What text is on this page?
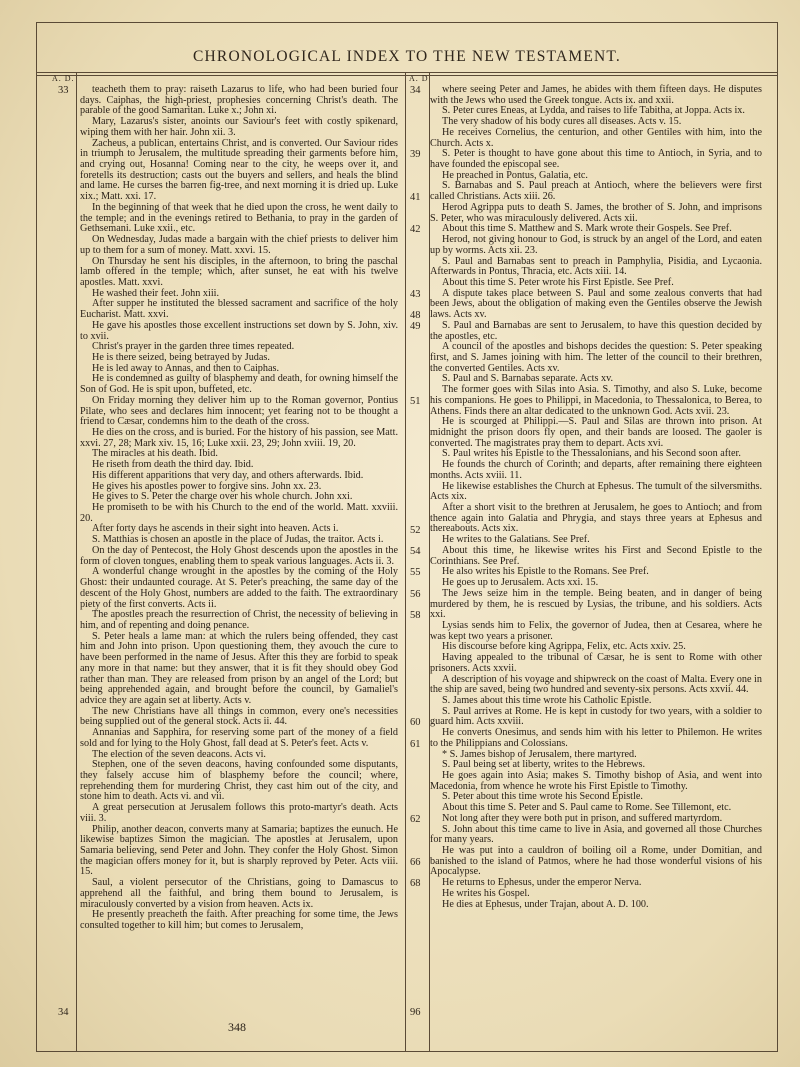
CHRONOLOGICAL INDEX TO THE NEW TESTAMENT.
A. D.	A. D
33
34
34
39
41
42
43
48
49
51
52
54
55
56
58
60
61
62
66
68
96

teacheth them to pray: raiseth Lazarus to life, who had been buried four days. Caiphas, the high-priest, prophesies concerning Christ's death. The parable of the good Samaritan. Luke x.; John xi.

Mary, Lazarus's sister, anoints our Saviour's feet with costly spikenard, wiping them with her hair. John xii. 3.

Zacheus, a publican, entertains Christ, and is converted. Our Saviour rides in triumph to Jerusalem, the multitude spreading their garments before him, and crying out, Hosanna! Coming near to the city, he weeps over it, and foretells its destruction; casts out the buyers and sellers, and heals the blind and lame. He curses the barren fig-tree, and next morning it is dried up. Luke xix.; Matt. xxi. 17.

In the beginning of that week that he died upon the cross, he went daily to the temple; and in the evenings retired to Bethania, to pray in the garden of Gethsemani. Luke xxii., etc.

On Wednesday, Judas made a bargain with the chief priests to deliver him up to them for a sum of money. Matt. xxvi. 15.

On Thursday he sent his disciples, in the afternoon, to bring the paschal lamb offered in the temple; which, after sunset, he eat with his twelve apostles. Matt. xxvi.

He washed their feet. John xiii.

After supper he instituted the blessed sacrament and sacrifice of the holy Eucharist. Matt. xxvi.

He gave his apostles those excellent instructions set down by S. John, xiv. to xvii.

Christ's prayer in the garden three times repeated.

He is there seized, being betrayed by Judas.

He is led away to Annas, and then to Caiphas.

He is condemned as guilty of blasphemy and death, for owning himself the Son of God. He is spit upon, buffeted, etc.

On Friday morning they deliver him up to the Roman governor, Pontius Pilate, who sees and declares him innocent; yet fearing not to be thought a friend to Cæsar, condemns him to the death of the cross.

He dies on the cross, and is buried. For the history of his passion, see Matt. xxvi. 27, 28; Mark xiv. 15, 16; Luke xxii. 23, 29; John xviii. 19, 20.

The miracles at his death. Ibid.

He riseth from death the third day. Ibid.

His different apparitions that very day, and others afterwards. Ibid.

He gives his apostles power to forgive sins. John xx. 23.

He gives to S. Peter the charge over his whole church. John xxi.

He promiseth to be with his Church to the end of the world. Matt. xxviii. 20.

After forty days he ascends in their sight into heaven. Acts i.

S. Matthias is chosen an apostle in the place of Judas, the traitor. Acts i.

On the day of Pentecost, the Holy Ghost descends upon the apostles in the form of cloven tongues, enabling them to speak various languages. Acts ii. 3.

A wonderful change wrought in the apostles by the coming of the Holy Ghost: their undaunted courage. At S. Peter's preaching, the same day of the descent of the Holy Ghost, numbers are added to the faith. The extraordinary piety of the first converts. Acts ii.

The apostles preach the resurrection of Christ, the necessity of believing in him, and of repenting and doing penance.

S. Peter heals a lame man: at which the rulers being offended, they cast him and John into prison. Upon questioning them, they avouch the cure to have been performed in the name of Jesus. After this they are forbid to speak any more in that name: but they answer, that it is fit they should obey God rather than man. They are released from prison by an angel of the Lord; but being apprehended again, and brought before the council, by Gamaliel's advice they are again set at liberty. Acts v.

The new Christians have all things in common, every one's necessities being supplied out of the general stock. Acts ii. 44.

Annanias and Sapphira, for reserving some part of the money of a field sold and for lying to the Holy Ghost, fall dead at S. Peter's feet. Acts v.

The election of the seven deacons. Acts vi.

Stephen, one of the seven deacons, having confounded some disputants, they falsely accuse him of blasphemy before the council; where, reprehending them for murdering Christ, they cast him out of the city, and stone him to death. Acts vi. and vii.

A great persecution at Jerusalem follows this proto-martyr's death. Acts viii. 3.

Philip, another deacon, converts many at Samaria; baptizes the eunuch. He likewise baptizes Simon the magician. The apostles at Jerusalem, upon Samaria believing, send Peter and John. They confer the Holy Ghost. Simon the magician offers money for it, but is sharply reproved by Peter. Acts viii. 15.

Saul, a violent persecutor of the Christians, going to Damascus to apprehend all the faithful, and bring them bound to Jerusalem, is miraculously converted by a vision from heaven. Acts ix.

He presently preacheth the faith. After preaching for some time, the Jews consulted together to kill him; but comes to Jerusalem,

where seeing Peter and James, he abides with them fifteen days. He disputes with the Jews who used the Greek tongue. Acts ix. and xxii.

S. Peter cures Eneas, at Lydda, and raises to life Tabitha, at Joppa. Acts ix.

The very shadow of his body cures all diseases. Acts v. 15.

He receives Cornelius, the centurion, and other Gentiles with him, into the Church. Acts x.

S. Peter is thought to have gone about this time to Antioch, in Syria, and to have founded the episcopal see.

He preached in Pontus, Galatia, etc.

S. Barnabas and S. Paul preach at Antioch, where the believers were first called Christians. Acts xiii. 26.

Herod Agrippa puts to death S. James, the brother of S. John, and imprisons S. Peter, who was miraculously delivered. Acts xii.

About this time S. Matthew and S. Mark wrote their Gospels. See Pref.

Herod, not giving honour to God, is struck by an angel of the Lord, and eaten up by worms. Acts xii. 23.

S. Paul and Barnabas sent to preach in Pamphylia, Pisidia, and Lycaonia. Afterwards in Pontus, Thracia, etc. Acts xiii. 14.

About this time S. Peter wrote his First Epistle. See Pref.

A dispute takes place between S. Paul and some zealous converts that had been Jews, about the obligation of making even the Gentiles observe the Jewish laws. Acts xv.

S. Paul and Barnabas are sent to Jerusalem, to have this question decided by the apostles, etc.

A council of the apostles and bishops decides the question: S. Peter speaking first, and S. James joining with him. The letter of the council to their brethren, the converted Gentiles. Acts xv.

S. Paul and S. Barnabas separate. Acts xv.

The former goes with Silas into Asia. S. Timothy, and also S. Luke, become his companions. He goes to Philippi, in Macedonia, to Thessalonica, to Berea, to Athens. Finds there an altar dedicated to the unknown God. Acts xvii. 23.

He is scourged at Philippi.—S. Paul and Silas are thrown into prison. At midnight the prison doors fly open, and their bands are loosed. The gaoler is converted. The magistrates pray them to depart. Acts xvi.

S. Paul writes his Epistle to the Thessalonians, and his Second soon after.

He founds the church of Corinth; and departs, after remaining there eighteen months. Acts xviii. 11.

He likewise establishes the Church at Ephesus. The tumult of the silversmiths. Acts xix.

After a short visit to the brethren at Jerusalem, he goes to Antioch; and from thence again into Galatia and Phrygia, and stays three years at Ephesus and thereabouts. Acts xix.

He writes to the Galatians. See Pref.

About this time, he likewise writes his First and Second Epistle to the Corinthians. See Pref.

He also writes his Epistle to the Romans. See Pref.

He goes up to Jerusalem. Acts xxi. 15.

The Jews seize him in the temple. Being beaten, and in danger of being murdered by them, he is rescued by Lysias, the tribune, and his soldiers. Acts xxi.

Lysias sends him to Felix, the governor of Judea, then at Cesarea, where he was kept two years a prisoner.

His discourse before king Agrippa, Felix, etc. Acts xxiv. 25.

Having appealed to the tribunal of Cæsar, he is sent to Rome with other prisoners. Acts xxvii.

A description of his voyage and shipwreck on the coast of Malta. Every one in the ship are saved, being two hundred and seventy-six persons. Acts xxvii. 44.

S. James about this time wrote his Catholic Epistle.

S. Paul arrives at Rome. He is kept in custody for two years, with a soldier to guard him. Acts xxviii.

He converts Onesimus, and sends him with his letter to Philemon. He writes to the Philippians and Colossians.

* S. James bishop of Jerusalem, there martyred.

S. Paul being set at liberty, writes to the Hebrews.

He goes again into Asia; makes S. Timothy bishop of Asia, and went into Macedonia, from whence he wrote his First Epistle to Timothy.

S. Peter about this time wrote his Second Epistle.

About this time S. Peter and S. Paul came to Rome. See Tillemont, etc.

Not long after they were both put in prison, and suffered martyrdom.

S. John about this time came to live in Asia, and governed all those Churches for many years.

He was put into a cauldron of boiling oil a Rome, under Domitian, and banished to the island of Patmos, where he had those wonderful visions of his Apocalypse.

He returns to Ephesus, under the emperor Nerva.

He writes his Gospel.

He dies at Ephesus, under Trajan, about A. D. 100.

348
